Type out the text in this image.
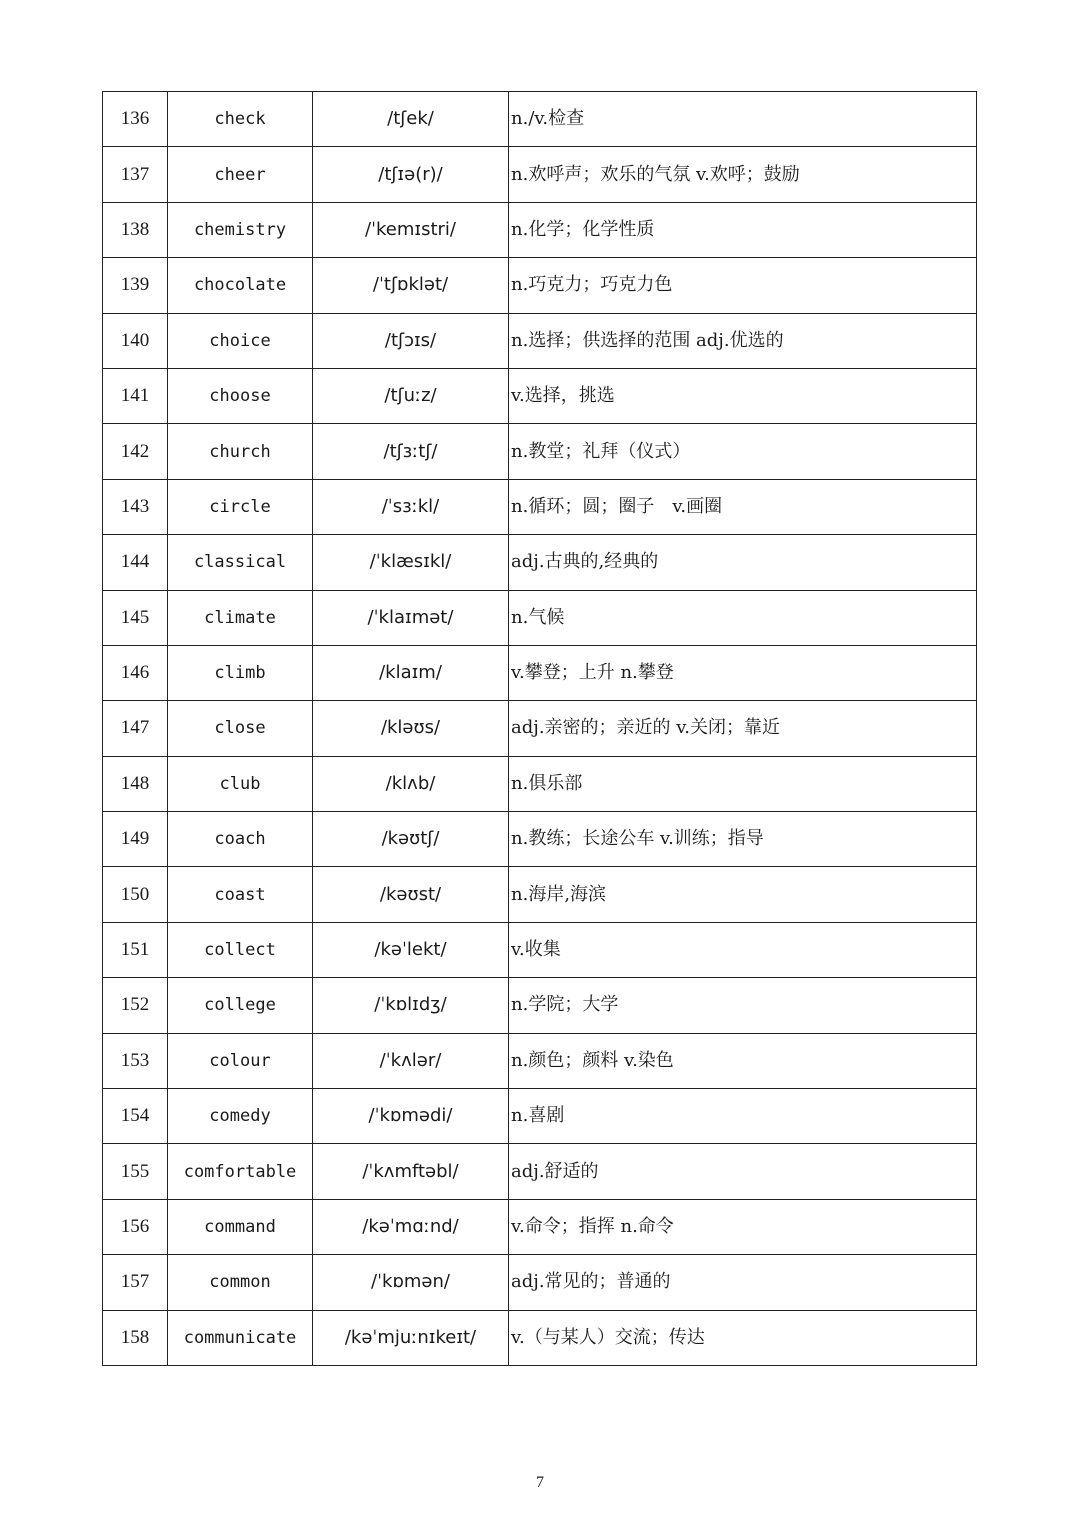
136	check	/tʃek/	n./v.检查
137	cheer	/tʃɪə(r)/	n.欢呼声；欢乐的气氛 v.欢呼；鼓励
138	chemistry	/ˈkemɪstri/	n.化学；化学性质
139	chocolate	/ˈtʃɒklət/	n.巧克力；巧克力色
140	choice	/tʃɔɪs/	n.选择；供选择的范围 adj.优选的
141	choose	/tʃuːz/	v.选择，挑选
142	church	/tʃɜːtʃ/	n.教堂；礼拜（仪式）
143	circle	/ˈsɜːkl/	n.循环；圆；圈子　v.画圈
144	classical	/ˈklæsɪkl/	adj.古典的,经典的
145	climate	/ˈklaɪmət/	n.气候
146	climb	/klaɪm/	v.攀登；上升 n.攀登
147	close	/kləʊs/	adj.亲密的；亲近的 v.关闭；靠近
148	club	/klʌb/	n.俱乐部
149	coach	/kəʊtʃ/	n.教练；长途公车 v.训练；指导
150	coast	/kəʊst/	n.海岸,海滨
151	collect	/kəˈlekt/	v.收集
152	college	/ˈkɒlɪdʒ/	n.学院；大学
153	colour	/ˈkʌlər/	n.颜色；颜料 v.染色
154	comedy	/ˈkɒmədi/	n.喜剧
155	comfortable	/ˈkʌmftəbl/	adj.舒适的
156	command	/kəˈmɑːnd/	v.命令；指挥 n.命令
157	common	/ˈkɒmən/	adj.常见的；普通的
158	communicate	/kəˈmjuːnɪkeɪt/	v.（与某人）交流；传达
7
